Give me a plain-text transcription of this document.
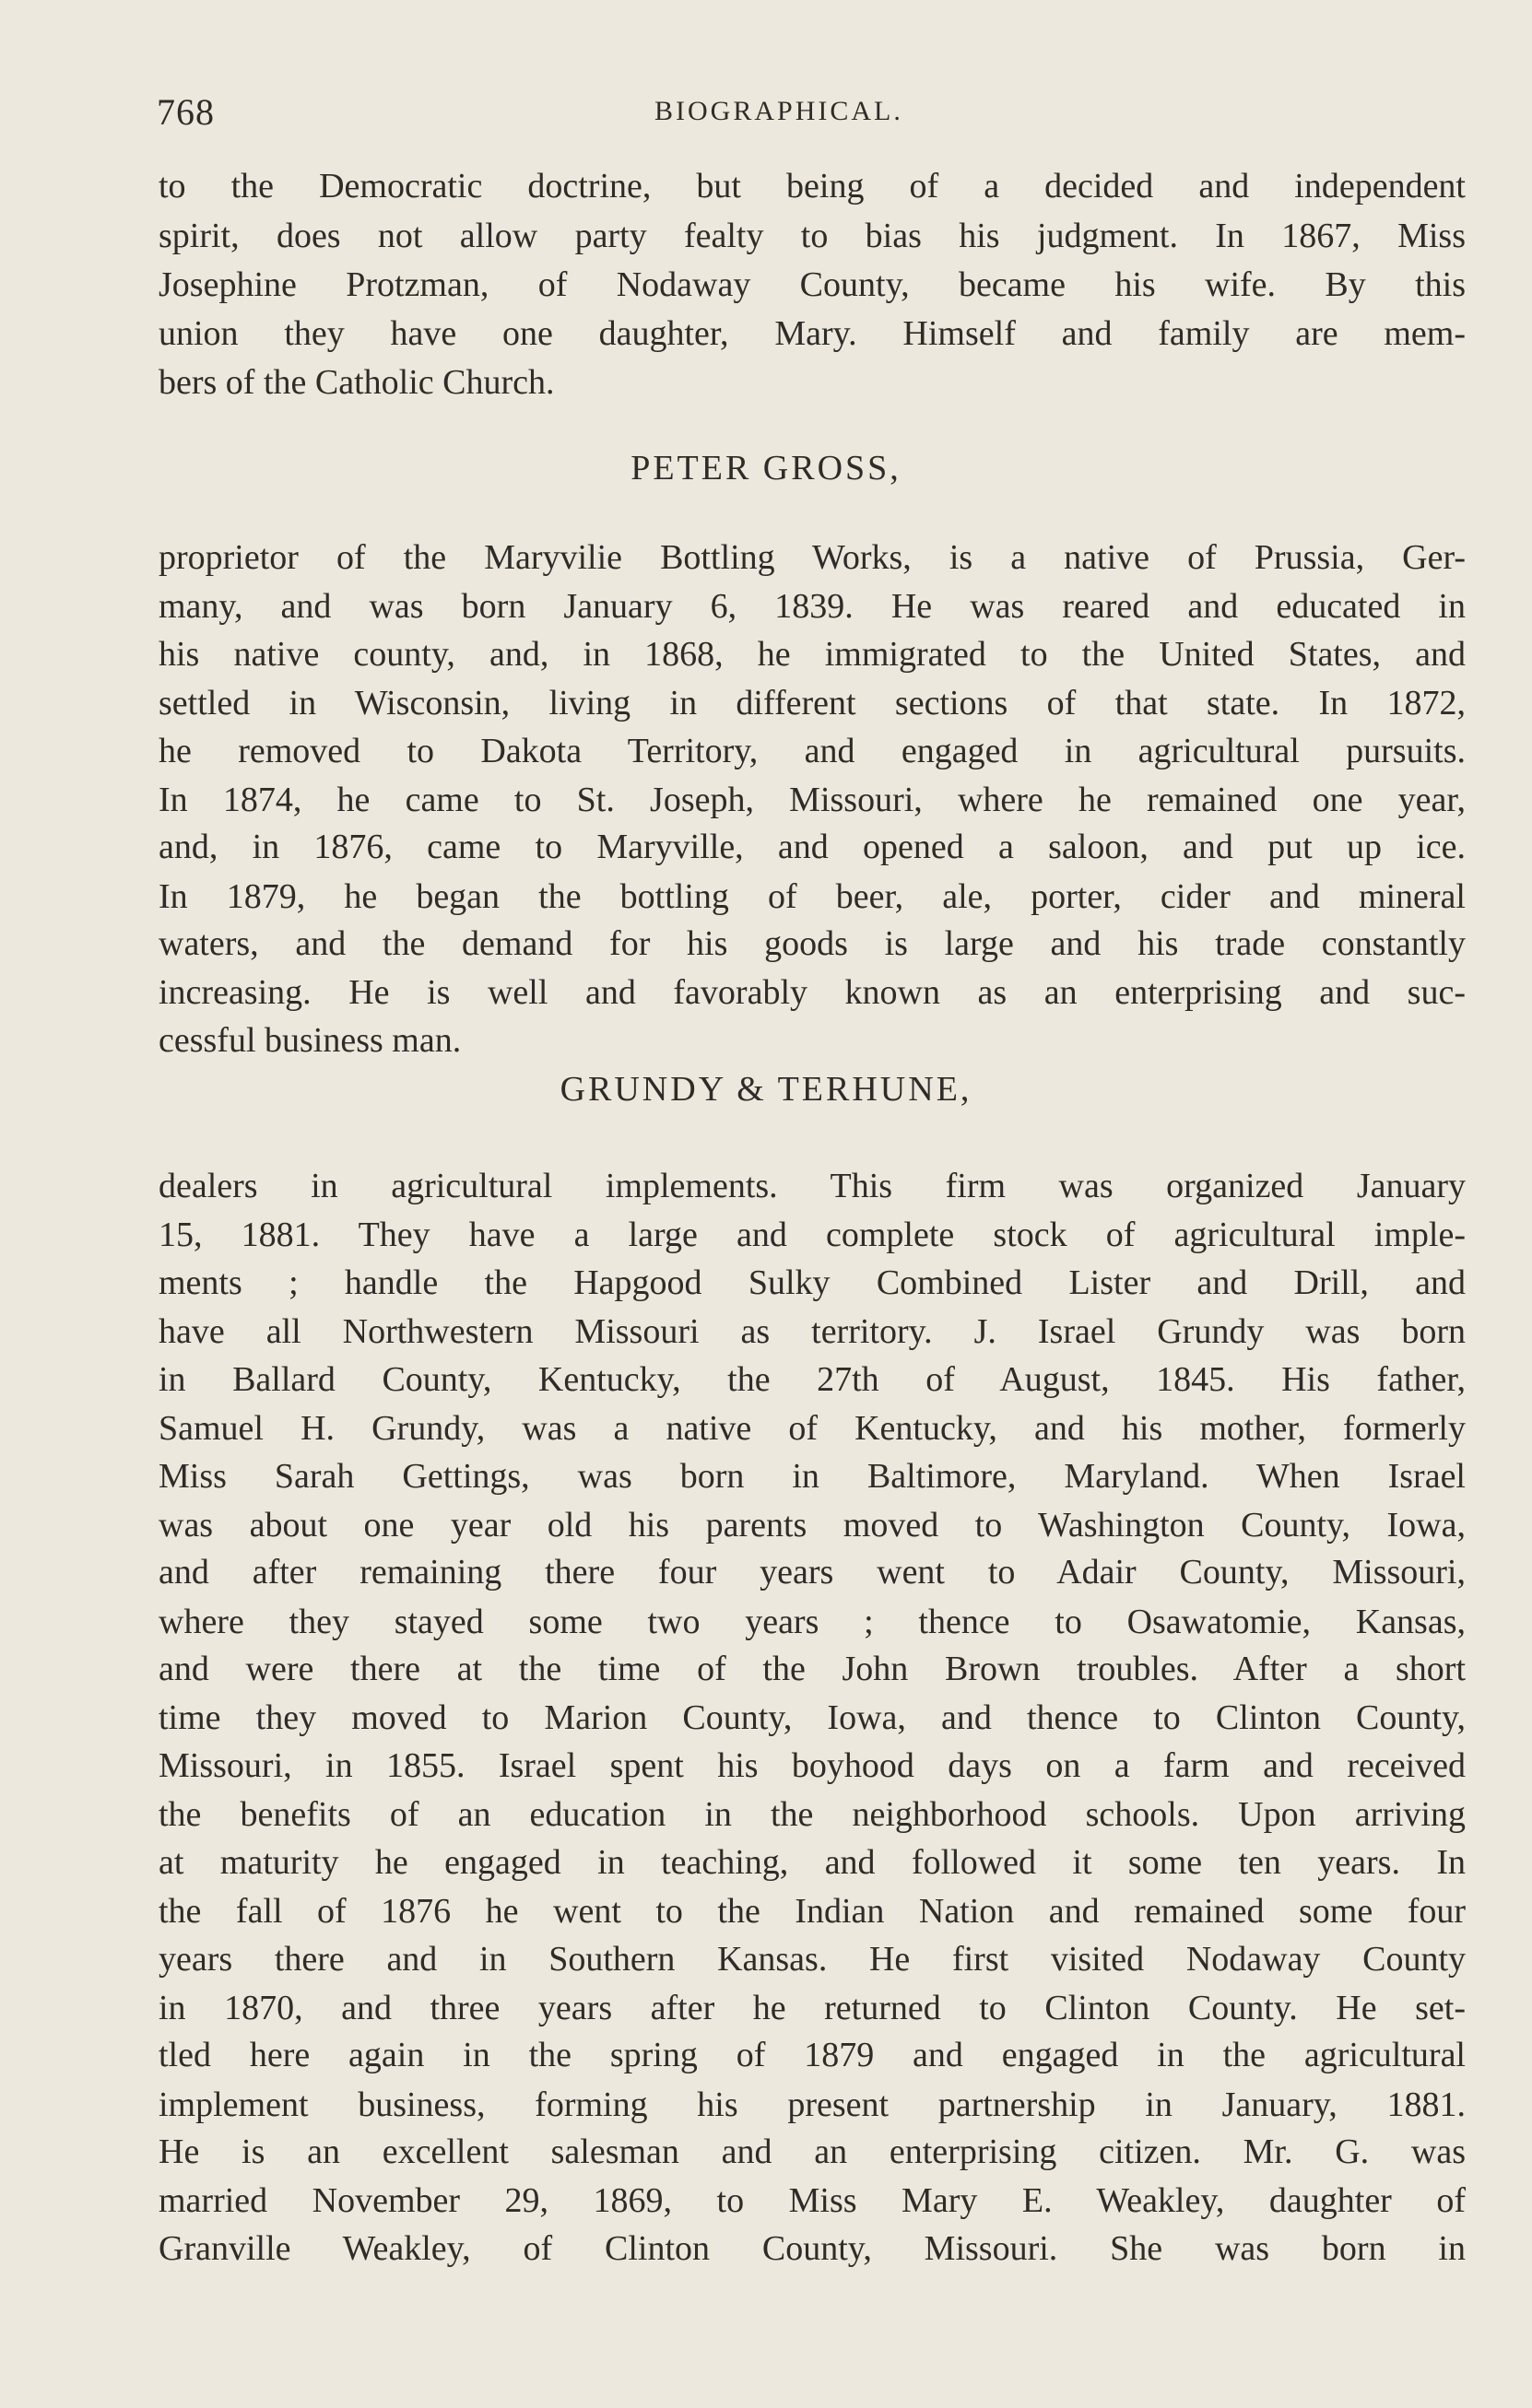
768	BIOGRAPHICAL.
to the Democratic doctrine, but being of a decided and independent
spirit, does not allow party fealty to bias his judgment. In 1867, Miss
Josephine Protzman, of Nodaway County, became his wife. By this
union they have one daughter, Mary. Himself and family are mem-
bers of the Catholic Church.
PETER GROSS,
proprietor of the Maryvilie Bottling Works, is a native of Prussia, Ger-
many, and was born January 6, 1839. He was reared and educated in
his native county, and, in 1868, he immigrated to the United States, and
settled in Wisconsin, living in different sections of that state. In 1872,
he removed to Dakota Territory, and engaged in agricultural pursuits.
In 1874, he came to St. Joseph, Missouri, where he remained one year,
and, in 1876, came to Maryville, and opened a saloon, and put up ice.
In 1879, he began the bottling of beer, ale, porter, cider and mineral
waters, and the demand for his goods is large and his trade constantly
increasing. He is well and favorably known as an enterprising and suc-
cessful business man.
GRUNDY & TERHUNE,
dealers in agricultural implements. This firm was organized January
15, 1881. They have a large and complete stock of agricultural imple-
ments ; handle the Hapgood Sulky Combined Lister and Drill, and
have all Northwestern Missouri as territory. J. Israel Grundy was born
in Ballard County, Kentucky, the 27th of August, 1845. His father,
Samuel H. Grundy, was a native of Kentucky, and his mother, formerly
Miss Sarah Gettings, was born in Baltimore, Maryland. When Israel
was about one year old his parents moved to Washington County, Iowa,
and after remaining there four years went to Adair County, Missouri,
where they stayed some two years ; thence to Osawatomie, Kansas,
and were there at the time of the John Brown troubles. After a short
time they moved to Marion County, Iowa, and thence to Clinton County,
Missouri, in 1855. Israel spent his boyhood days on a farm and received
the benefits of an education in the neighborhood schools. Upon arriving
at maturity he engaged in teaching, and followed it some ten years. In
the fall of 1876 he went to the Indian Nation and remained some four
years there and in Southern Kansas. He first visited Nodaway County
in 1870, and three years after he returned to Clinton County. He set-
tled here again in the spring of 1879 and engaged in the agricultural
implement business, forming his present partnership in January, 1881.
He is an excellent salesman and an enterprising citizen. Mr. G. was
married November 29, 1869, to Miss Mary E. Weakley, daughter of
Granville Weakley, of Clinton County, Missouri. She was born in
